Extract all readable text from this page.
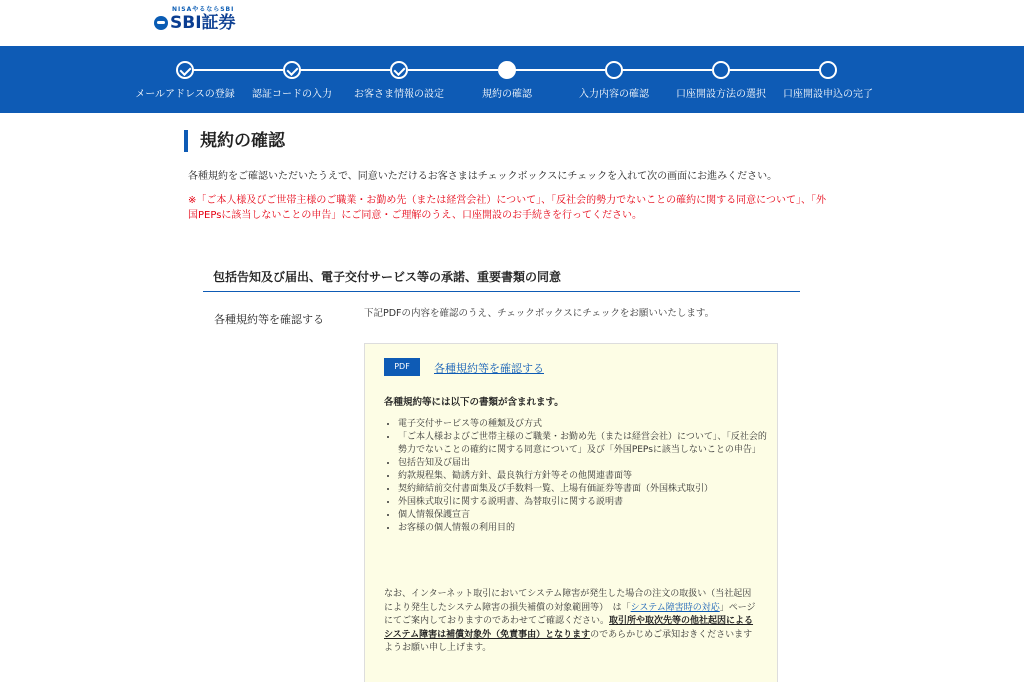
NISAやるならSBI
SBI証券
メールアドレスの登録 認証コードの入力 お客さま情報の設定	規約の確認	入力内容の確認	口座開設方法の選択 口座開設申込の完了
規約の確認
各種規約をご確認いただいたうえで、同意いただけるお客さまはチェックボックスにチェックを入れて次の画面にお進みください。
※「ご本人様及びご世帯主様のご職業・お勤め先（または経営会社）について」、「反社会的勢力でないことの確約に関する同意について」、「外国PEPsに該当しないことの申告」にご同意・ご理解のうえ、口座開設のお手続きを行ってください。
包括告知及び届出、電子交付サービス等の承諾、重要書類の同意
各種規約等を確認する	下記PDFの内容を確認のうえ、チェックボックスにチェックをお願いいたします。
PDF	各種規約等を確認する
各種規約等には以下の書類が含まれます。
• 電子交付サービス等の種類及び方式
• 「ご本人様およびご世帯主様のご職業・お勤め先（または経営会社）について」、「反社会的勢力でないことの確約に関する同意について」及び「外国PEPsに該当しないことの申告」
• 包括告知及び届出
• 約款規程集、勧誘方針、最良執行方針等その他関連書面等
• 契約締結前交付書面集及び手数料一覧、上場有価証券等書面（外国株式取引）
• 外国株式取引に関する説明書、為替取引に関する説明書
• 個人情報保護宣言
• お客様の個人情報の利用目的
なお、インターネット取引においてシステム障害が発生した場合の注文の取扱い（当社起因により発生したシステム障害の損失補償の対象範囲等）　は「システム障害時の対応」ページにてご案内しておりますのであわせてご確認ください。取引所や取次先等の他社起因によるシステム障害は補償対象外（免責事由）となりますのであらかじめご承知おきくださいますようお願い申し上げます。
